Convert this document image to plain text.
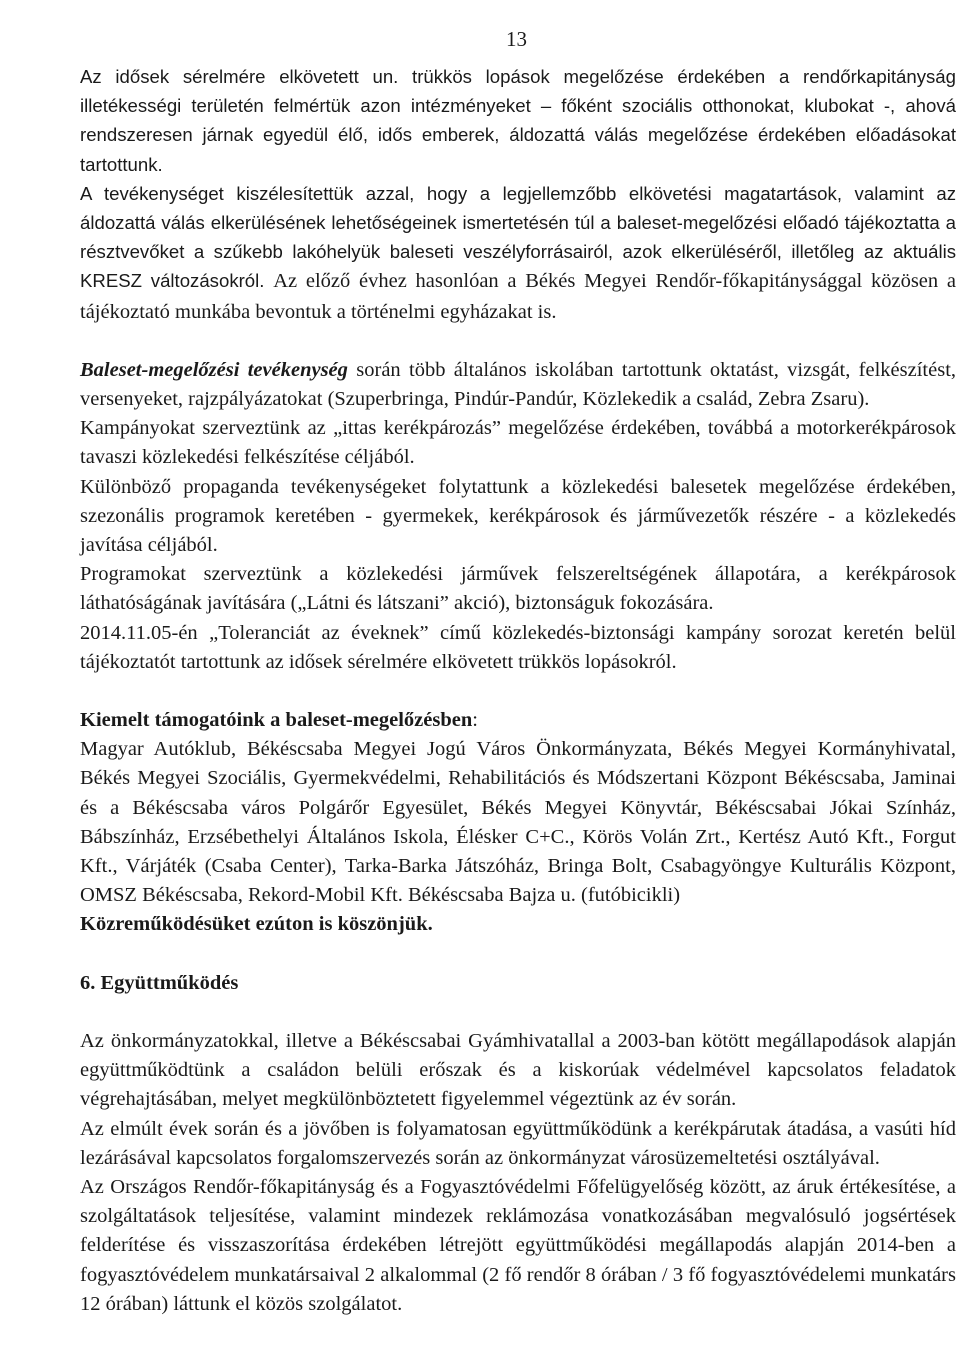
13

Az idősek sérelmére elkövetett un. trükkös lopások megelőzése érdekében a rendőrkapitányság illetékességi területén felmértük azon intézményeket – főként szociális otthonokat, klubokat -, ahová rendszeresen járnak egyedül élő, idős emberek, áldozattá válás megelőzése érdekében előadásokat tartottunk.

A tevékenységet kiszélesítettük azzal, hogy a legjellemzőbb elkövetési magatartások, valamint az áldozattá válás elkerülésének lehetőségeinek ismertetésén túl a baleset-megelőzési előadó tájékoztatta a résztvevőket a szűkebb lakóhelyük baleseti veszélyforrásairól, azok elkerüléséről, illetőleg az aktuális KRESZ változásokról. Az előző évhez hasonlóan a Békés Megyei Rendőr-főkapitánysággal közösen a tájékoztató munkába bevontuk a történelmi egyházakat is.

Baleset-megelőzési tevékenység során több általános iskolában tartottunk oktatást, vizsgát, felkészítést, versenyeket, rajzpályázatokat (Szuperbringa, Pindúr-Pandúr, Közlekedik a család, Zebra Zsaru).

Kampányokat szerveztünk az „ittas kerékpározás” megelőzése érdekében, továbbá a motorkerékpárosok tavaszi közlekedési felkészítése céljából.

Különböző propaganda tevékenységeket folytattunk a közlekedési balesetek megelőzése érdekében, szezonális programok keretében - gyermekek, kerékpárosok és járművezetők részére - a közlekedés javítása céljából.

Programokat szerveztünk a közlekedési járművek felszereltségének állapotára, a kerékpárosok láthatóságának javítására („Látni és látszani” akció), biztonságuk fokozására.

2014.11.05-én „Toleranciát az éveknek” című közlekedés-biztonsági kampány sorozat keretén belül tájékoztatót tartottunk az idősek sérelmére elkövetett trükkös lopásokról.

Kiemelt támogatóink a baleset-megelőzésben:

Magyar Autóklub, Békéscsaba Megyei Jogú Város Önkormányzata, Békés Megyei Kormányhivatal, Békés Megyei Szociális, Gyermekvédelmi, Rehabilitációs és Módszertani Központ Békéscsaba, Jaminai és a Békéscsaba város Polgárőr Egyesület, Békés Megyei Könyvtár, Békéscsabai Jókai Színház, Bábszínház, Erzsébethelyi Általános Iskola, Élésker C+C., Körös Volán Zrt., Kertész Autó Kft., Forgut Kft., Várjáték (Csaba Center), Tarka-Barka Játszóház, Bringa Bolt, Csabagyöngye Kulturális Központ, OMSZ Békéscsaba, Rekord-Mobil Kft. Békéscsaba Bajza u. (futóbicikli)

Közreműködésüket ezúton is köszönjük.

6. Együttműködés

Az önkormányzatokkal, illetve a Békéscsabai Gyámhivatallal a 2003-ban kötött megállapodások alapján együttműködtünk a családon belüli erőszak és a kiskorúak védelmével kapcsolatos feladatok végrehajtásában, melyet megkülönböztetett figyelemmel végeztünk az év során.

Az elmúlt évek során és a jövőben is folyamatosan együttműködünk a kerékpárutak átadása, a vasúti híd lezárásával kapcsolatos forgalomszervezés során az önkormányzat városüzemeltetési osztályával.

Az Országos Rendőr-főkapitányság és a Fogyasztóvédelmi Főfelügyelőség között, az áruk értékesítése, a szolgáltatások teljesítése, valamint mindezek reklámozása vonatkozásában megvalósuló jogsértések felderítése és visszaszorítása érdekében létrejött együttműködési megállapodás alapján 2014-ben a fogyasztóvédelem munkatársaival 2 alkalommal (2 fő rendőr 8 órában / 3 fő fogyasztóvédelemi munkatárs 12 órában) láttunk el közös szolgálatot.
